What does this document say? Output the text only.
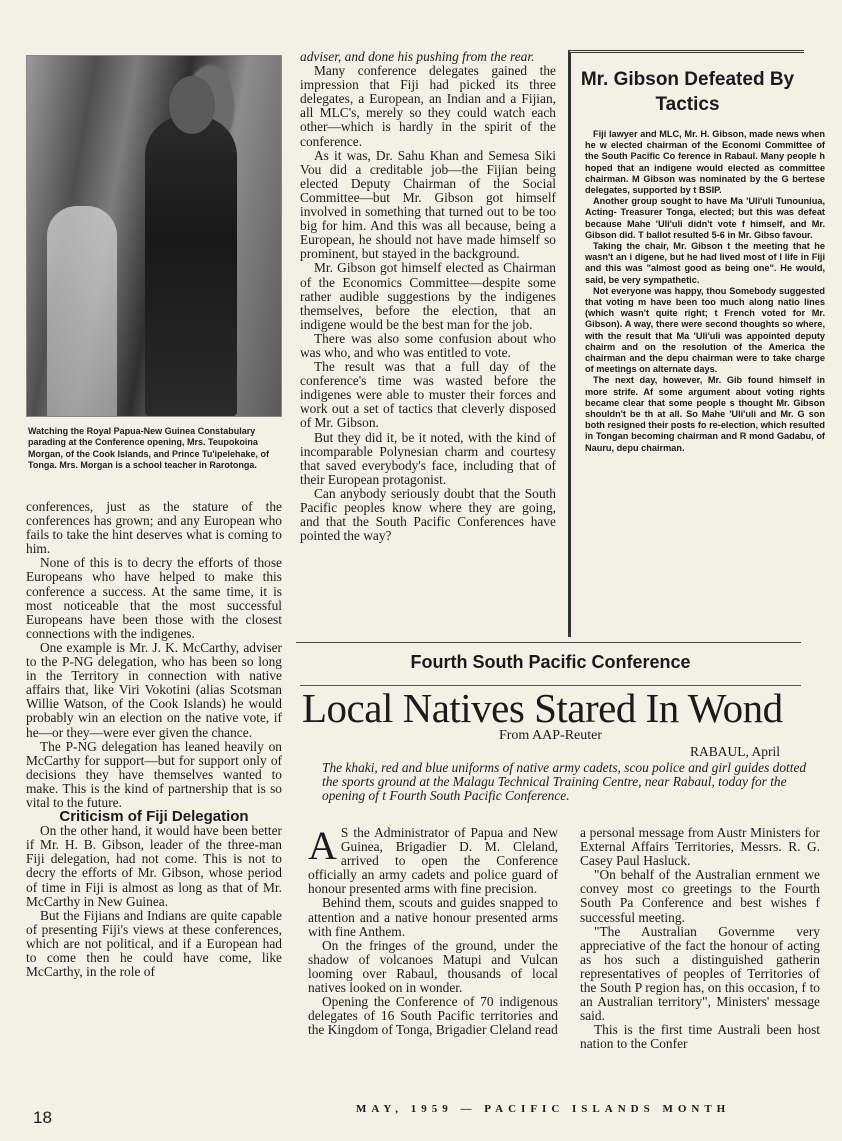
Watching the Royal Papua-New Guinea Constabulary parading at the Conference opening, Mrs. Teupokoina Morgan, of the Cook Islands, and Prince Tu'ipelehake, of Tonga. Mrs. Morgan is a school teacher in Rarotonga.

conferences, just as the stature of the conferences has grown; and any European who fails to take the hint deserves what is coming to him.

None of this is to decry the efforts of those Europeans who have helped to make this conference a success. At the same time, it is most noticeable that the most successful Europeans have been those with the closest connections with the indigenes.

One example is Mr. J. K. McCarthy, adviser to the P-NG delegation, who has been so long in the Territory in connection with native affairs that, like Viri Vokotini (alias Scotsman Willie Watson, of the Cook Islands) he would probably win an election on the native vote, if he—or they—were ever given the chance.

The P-NG delegation has leaned heavily on McCarthy for support—but for support only of decisions they have themselves wanted to make. This is the kind of partnership that is so vital to the future.

Criticism of Fiji Delegation

On the other hand, it would have been better if Mr. H. B. Gibson, leader of the three-man Fiji delegation, had not come. This is not to decry the efforts of Mr. Gibson, whose period of time in Fiji is almost as long as that of Mr. McCarthy in New Guinea.

But the Fijians and Indians are quite capable of presenting Fiji's views at these conferences, which are not political, and if a European had to come then he could have come, like McCarthy, in the role of

adviser, and done his pushing from the rear.

Many conference delegates gained the impression that Fiji had picked its three delegates, a European, an Indian and a Fijian, all MLC's, merely so they could watch each other—which is hardly in the spirit of the conference.

As it was, Dr. Sahu Khan and Semesa Siki Vou did a creditable job—the Fijian being elected Deputy Chairman of the Social Committee—but Mr. Gibson got himself involved in something that turned out to be too big for him. And this was all because, being a European, he should not have made himself so prominent, but stayed in the background.

Mr. Gibson got himself elected as Chairman of the Economics Committee—despite some rather audible suggestions by the indigenes themselves, before the election, that an indigene would be the best man for the job.

There was also some confusion about who was who, and who was entitled to vote.

The result was that a full day of the conference's time was wasted before the indigenes were able to muster their forces and work out a set of tactics that cleverly disposed of Mr. Gibson.

But they did it, be it noted, with the kind of incomparable Polynesian charm and courtesy that saved everybody's face, including that of their European protagonist.

Can anybody seriously doubt that the South Pacific peoples know where they are going, and that the South Pacific Conferences have pointed the way?

Mr. Gibson Defeated By Tactics

Fiji lawyer and MLC, Mr. H. Gibson, made news when he w elected chairman of the Economi Committee of the South Pacific Co ference in Rabaul. Many people h hoped that an indigene would elected as committee chairman. M Gibson was nominated by the G bertese delegates, supported by t BSIP.

Another group sought to have Ma 'Uli'uli Tunouniua, Acting- Treasurer Tonga, elected; but this was defeat because Mahe 'Uli'uli didn't vote f himself, and Mr. Gibson did. T ballot resulted 5-6 in Mr. Gibso favour.

Taking the chair, Mr. Gibson t the meeting that he wasn't an i digene, but he had lived most of l life in Fiji and this was "almost good as being one". He would, said, be very sympathetic.

Not everyone was happy, thou Somebody suggested that voting m have been too much along natio lines (which wasn't quite right; t French voted for Mr. Gibson). A way, there were second thoughts so where, with the result that Ma 'Uli'uli was appointed deputy chairm and on the resolution of the America the chairman and the depu chairman were to take charge of meetings on alternate days.

The next day, however, Mr. Gib found himself in more strife. Af some argument about voting rights became clear that some people s thought Mr. Gibson shouldn't be th at all. So Mahe 'Uli'uli and Mr. G son both resigned their posts fo re-election, which resulted in Tongan becoming chairman and R mond Gadabu, of Nauru, depu chairman.

Fourth South Pacific Conference
Local Natives Stared In Wond
From AAP-Reuter
RABAUL, April
The khaki, red and blue uniforms of native army cadets, scou police and girl guides dotted the sports ground at the Malagu Technical Training Centre, near Rabaul, today for the opening of t Fourth South Pacific Conference.

A S the Administrator of Papua and New Guinea, Brigadier D. M. Cleland, arrived to open the Conference officially an army cadets and police guard of honour presented arms with fine precision.

Behind them, scouts and guides snapped to attention and a native honour presented arms with fine Anthem.

On the fringes of the ground, under the shadow of volcanoes Matupi and Vulcan looming over Rabaul, thousands of local natives looked on in wonder.

Opening the Conference of 70 indigenous delegates of 16 South Pacific territories and the Kingdom of Tonga, Brigadier Cleland read

a personal message from Austr Ministers for External Affairs Territories, Messrs. R. G. Casey Paul Hasluck.

"On behalf of the Australian ernment we convey most co greetings to the Fourth South Pa Conference and best wishes f successful meeting.

"The Australian Governme very appreciative of the fact the honour of acting as hos such a distinguished gatherin representatives of peoples of Territories of the South P region has, on this occasion, f to an Australian territory", Ministers' message said.

This is the first time Australi been host nation to the Confer

18	MAY, 1959 — PACIFIC ISLANDS MONTH
